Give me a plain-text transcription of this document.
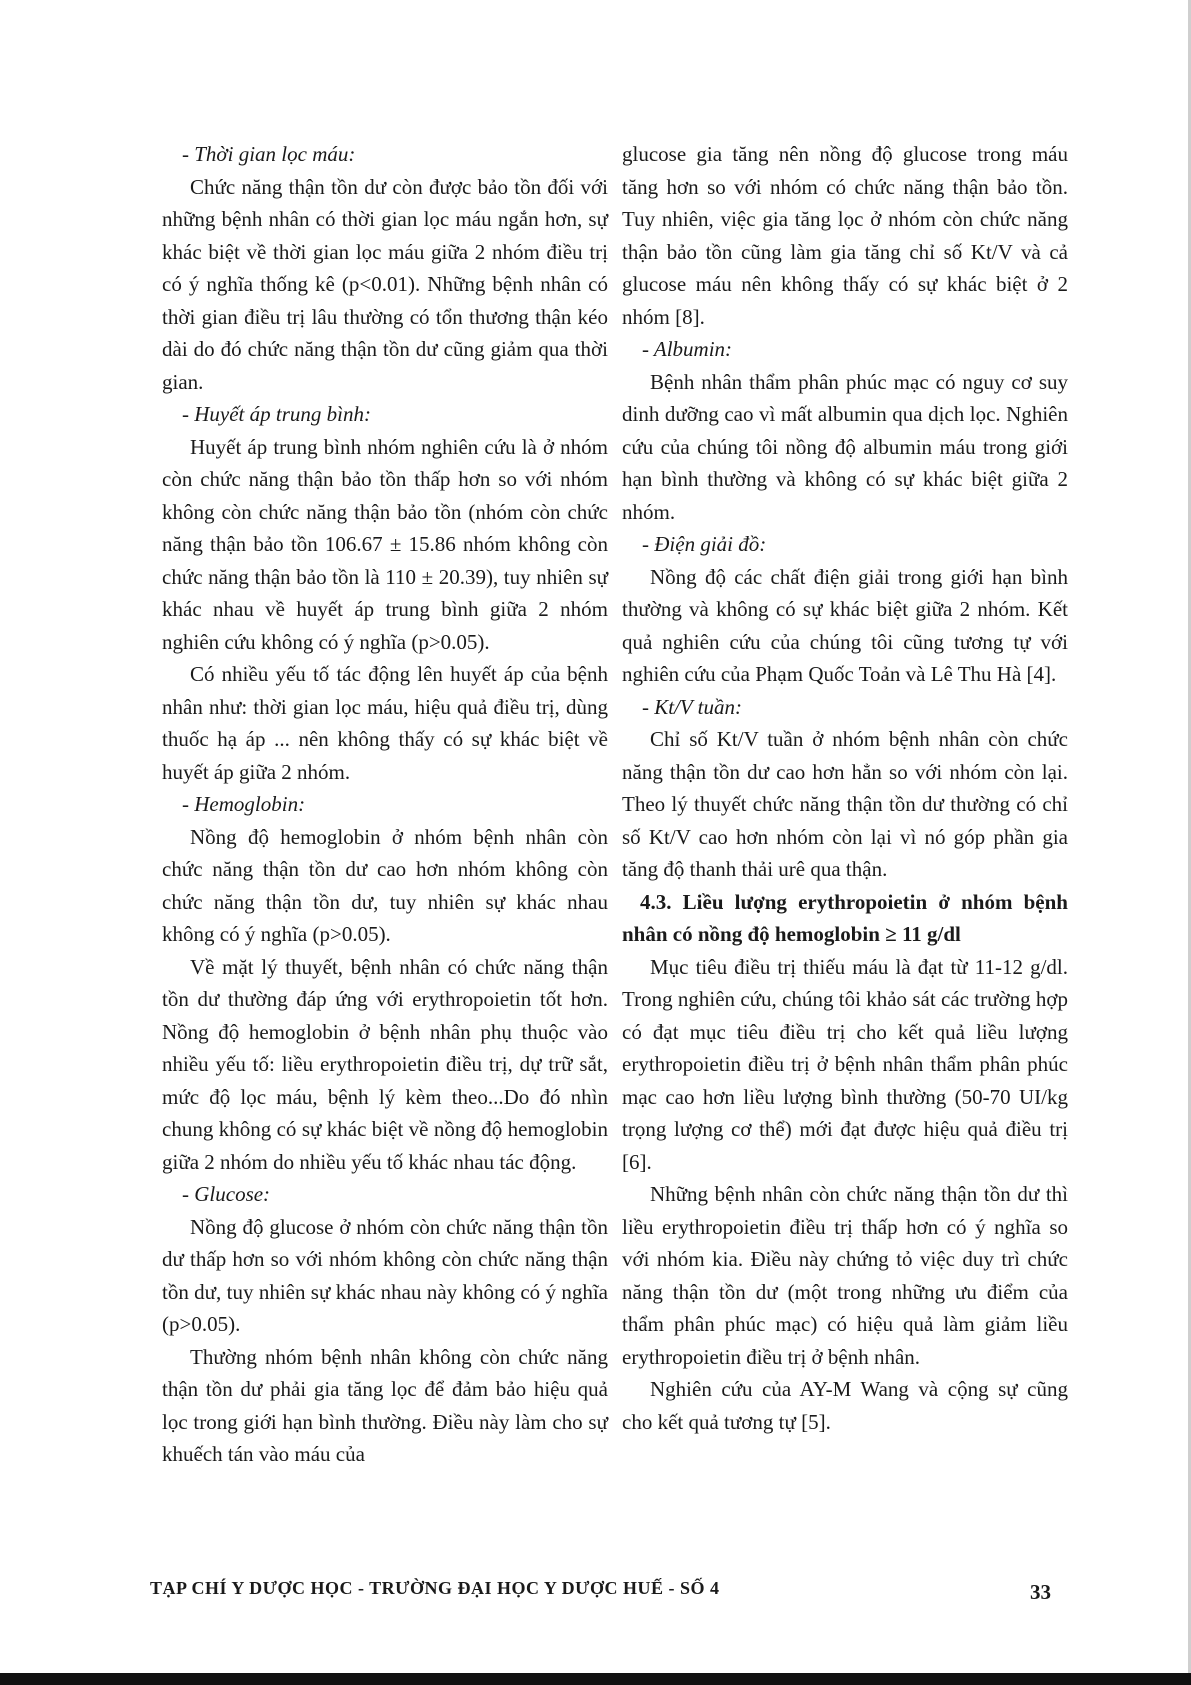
- Thời gian lọc máu:

Chức năng thận tồn dư còn được bảo tồn đối với những bệnh nhân có thời gian lọc máu ngắn hơn, sự khác biệt về thời gian lọc máu giữa 2 nhóm điều trị có ý nghĩa thống kê (p<0.01). Những bệnh nhân có thời gian điều trị lâu thường có tổn thương thận kéo dài do đó chức năng thận tồn dư cũng giảm qua thời gian.

- Huyết áp trung bình:

Huyết áp trung bình nhóm nghiên cứu là ở nhóm còn chức năng thận bảo tồn thấp hơn so với nhóm không còn chức năng thận bảo tồn (nhóm còn chức năng thận bảo tồn 106.67 ± 15.86 nhóm không còn chức năng thận bảo tồn là 110 ± 20.39), tuy nhiên sự khác nhau về huyết áp trung bình giữa 2 nhóm nghiên cứu không có ý nghĩa (p>0.05).

Có nhiều yếu tố tác động lên huyết áp của bệnh nhân như: thời gian lọc máu, hiệu quả điều trị, dùng thuốc hạ áp ... nên không thấy có sự khác biệt về huyết áp giữa 2 nhóm.

- Hemoglobin:

Nồng độ hemoglobin ở nhóm bệnh nhân còn chức năng thận tồn dư cao hơn nhóm không còn chức năng thận tồn dư, tuy nhiên sự khác nhau không có ý nghĩa (p>0.05).

Về mặt lý thuyết, bệnh nhân có chức năng thận tồn dư thường đáp ứng với erythropoietin tốt hơn. Nồng độ hemoglobin ở bệnh nhân phụ thuộc vào nhiều yếu tố: liều erythropoietin điều trị, dự trữ sắt, mức độ lọc máu, bệnh lý kèm theo...Do đó nhìn chung không có sự khác biệt về nồng độ hemoglobin giữa 2 nhóm do nhiều yếu tố khác nhau tác động.

- Glucose:

Nồng độ glucose ở nhóm còn chức năng thận tồn dư thấp hơn so với nhóm không còn chức năng thận tồn dư, tuy nhiên sự khác nhau này không có ý nghĩa (p>0.05).

Thường nhóm bệnh nhân không còn chức năng thận tồn dư phải gia tăng lọc để đảm bảo hiệu quả lọc trong giới hạn bình thường. Điều này làm cho sự khuếch tán vào máu của

glucose gia tăng nên nồng độ glucose trong máu tăng hơn so với nhóm có chức năng thận bảo tồn. Tuy nhiên, việc gia tăng lọc ở nhóm còn chức năng thận bảo tồn cũng làm gia tăng chỉ số Kt/V và cả glucose máu nên không thấy có sự khác biệt ở 2 nhóm [8].

- Albumin:

Bệnh nhân thẩm phân phúc mạc có nguy cơ suy dinh dưỡng cao vì mất albumin qua dịch lọc. Nghiên cứu của chúng tôi nồng độ albumin máu trong giới hạn bình thường và không có sự khác biệt giữa 2 nhóm.

- Điện giải đồ:

Nồng độ các chất điện giải trong giới hạn bình thường và không có sự khác biệt giữa 2 nhóm. Kết quả nghiên cứu của chúng tôi cũng tương tự với nghiên cứu của Phạm Quốc Toản và Lê Thu Hà [4].

- Kt/V tuần:

Chỉ số Kt/V tuần ở nhóm bệnh nhân còn chức năng thận tồn dư cao hơn hẳn so với nhóm còn lại. Theo lý thuyết chức năng thận tồn dư thường có chỉ số Kt/V cao hơn nhóm còn lại vì nó góp phần gia tăng độ thanh thải urê qua thận.

4.3. Liều lượng erythropoietin ở nhóm bệnh nhân có nồng độ hemoglobin ≥ 11 g/dl

Mục tiêu điều trị thiếu máu là đạt từ 11-12 g/dl. Trong nghiên cứu, chúng tôi khảo sát các trường hợp có đạt mục tiêu điều trị cho kết quả liều lượng erythropoietin điều trị ở bệnh nhân thẩm phân phúc mạc cao hơn liều lượng bình thường (50-70 UI/kg trọng lượng cơ thể) mới đạt được hiệu quả điều trị [6].

Những bệnh nhân còn chức năng thận tồn dư thì liều erythropoietin điều trị thấp hơn có ý nghĩa so với nhóm kia. Điều này chứng tỏ việc duy trì chức năng thận tồn dư (một trong những ưu điểm của thẩm phân phúc mạc) có hiệu quả làm giảm liều erythropoietin điều trị ở bệnh nhân.

Nghiên cứu của AY-M Wang và cộng sự cũng cho kết quả tương tự [5].

TẠP CHÍ Y DƯỢC HỌC - TRƯỜNG ĐẠI HỌC Y DƯỢC HUẾ - SỐ 4	33
